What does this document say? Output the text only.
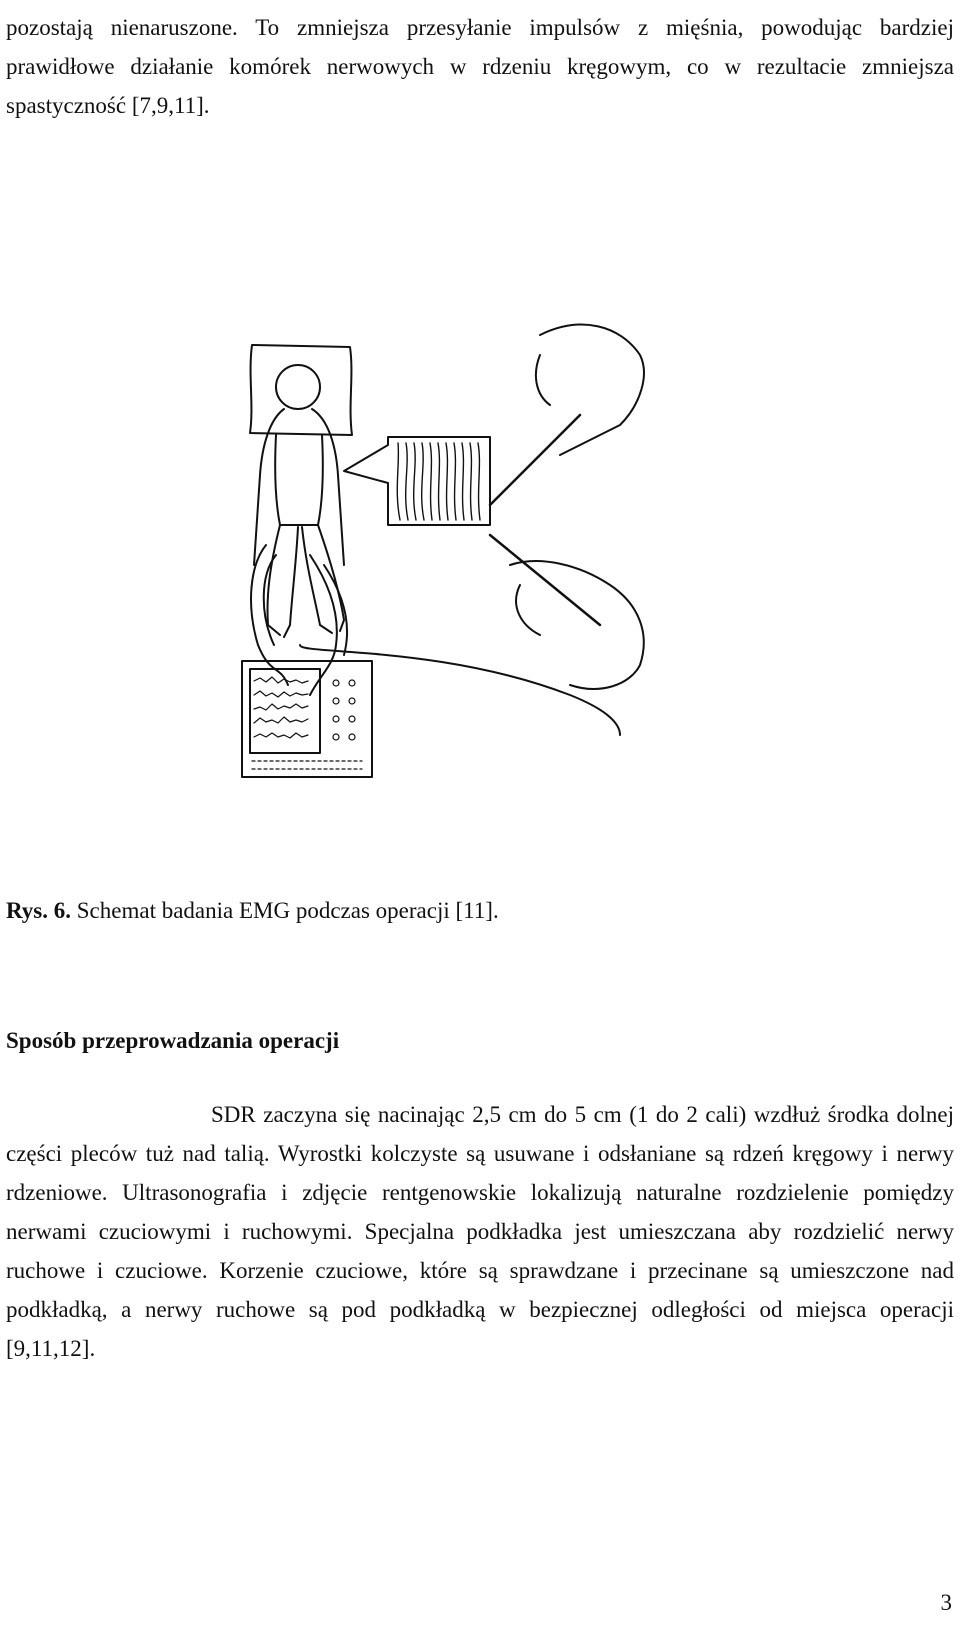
pozostają nienaruszone. To zmniejsza przesyłanie impulsów z mięśnia, powodując bardziej prawidłowe działanie komórek nerwowych w rdzeniu kręgowym, co w rezultacie zmniejsza spastyczność [7,9,11].

Rys. 6. Schemat badania EMG podczas operacji [11].

Sposób przeprowadzania operacji

SDR zaczyna się nacinając 2,5 cm do 5 cm (1 do 2 cali) wzdłuż środka dolnej części pleców tuż nad talią. Wyrostki kolczyste są usuwane i odsłaniane są rdzeń kręgowy i nerwy rdzeniowe. Ultrasonografia i zdjęcie rentgenowskie lokalizują naturalne rozdzielenie pomiędzy nerwami czuciowymi i ruchowymi. Specjalna podkładka jest umieszczana aby rozdzielić nerwy ruchowe i czuciowe. Korzenie czuciowe, które są sprawdzane i przecinane są umieszczone nad podkładką, a nerwy ruchowe są pod podkładką w bezpiecznej odległości od miejsca operacji [9,11,12].

3
